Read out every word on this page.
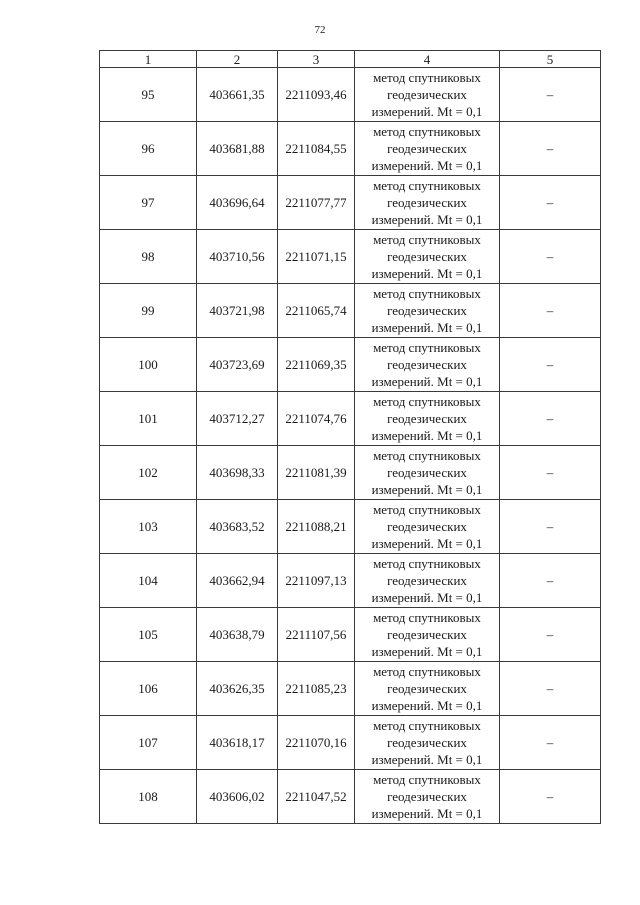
72
1	2	3	4	5
95	403661,35	2211093,46	метод спутниковых
геодезических
измерений. Mt = 0,1	–
96	403681,88	2211084,55	метод спутниковых
геодезических
измерений. Mt = 0,1	–
97	403696,64	2211077,77	метод спутниковых
геодезических
измерений. Mt = 0,1	–
98	403710,56	2211071,15	метод спутниковых
геодезических
измерений. Mt = 0,1	–
99	403721,98	2211065,74	метод спутниковых
геодезических
измерений. Mt = 0,1	–
100	403723,69	2211069,35	метод спутниковых
геодезических
измерений. Mt = 0,1	–
101	403712,27	2211074,76	метод спутниковых
геодезических
измерений. Mt = 0,1	–
102	403698,33	2211081,39	метод спутниковых
геодезических
измерений. Mt = 0,1	–
103	403683,52	2211088,21	метод спутниковых
геодезических
измерений. Mt = 0,1	–
104	403662,94	2211097,13	метод спутниковых
геодезических
измерений. Mt = 0,1	–
105	403638,79	2211107,56	метод спутниковых
геодезических
измерений. Mt = 0,1	–
106	403626,35	2211085,23	метод спутниковых
геодезических
измерений. Mt = 0,1	–
107	403618,17	2211070,16	метод спутниковых
геодезических
измерений. Mt = 0,1	–
108	403606,02	2211047,52	метод спутниковых
геодезических
измерений. Mt = 0,1	–
